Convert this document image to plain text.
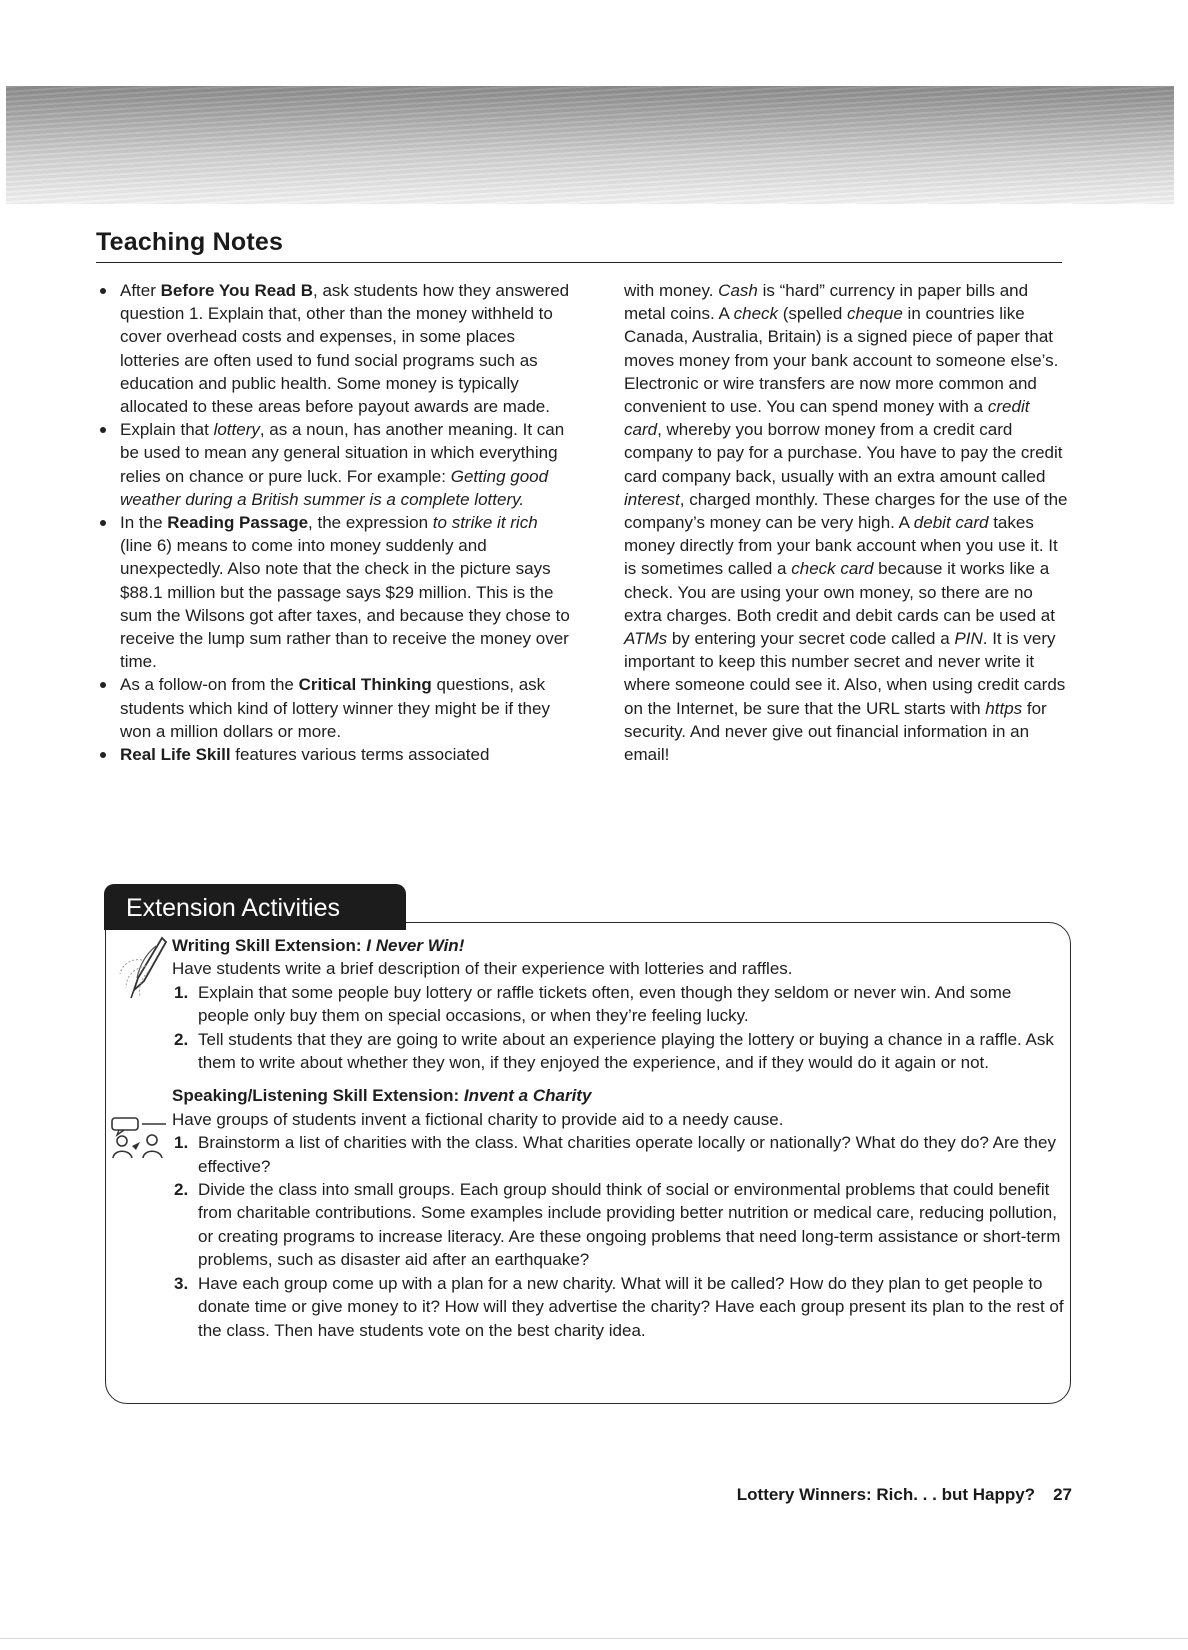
Teaching Notes
After Before You Read B, ask students how they answered question 1. Explain that, other than the money withheld to cover overhead costs and expenses, in some places lotteries are often used to fund social programs such as education and public health. Some money is typically allocated to these areas before payout awards are made.
Explain that lottery, as a noun, has another meaning. It can be used to mean any general situation in which everything relies on chance or pure luck. For example: Getting good weather during a British summer is a complete lottery.
In the Reading Passage, the expression to strike it rich (line 6) means to come into money suddenly and unexpectedly. Also note that the check in the picture says $88.1 million but the passage says $29 million. This is the sum the Wilsons got after taxes, and because they chose to receive the lump sum rather than to receive the money over time.
As a follow-on from the Critical Thinking questions, ask students which kind of lottery winner they might be if they won a million dollars or more.
Real Life Skill features various terms associated

with money. Cash is “hard” currency in paper bills and metal coins. A check (spelled cheque in countries like Canada, Australia, Britain) is a signed piece of paper that moves money from your bank account to someone else’s. Electronic or wire transfers are now more common and convenient to use. You can spend money with a credit card, whereby you borrow money from a credit card company to pay for a purchase. You have to pay the credit card company back, usually with an extra amount called interest, charged monthly. These charges for the use of the company’s money can be very high. A debit card takes money directly from your bank account when you use it. It is sometimes called a check card because it works like a check. You are using your own money, so there are no extra charges. Both credit and debit cards can be used at ATMs by entering your secret code called a PIN. It is very important to keep this number secret and never write it where someone could see it. Also, when using credit cards on the Internet, be sure that the URL starts with https for security. And never give out financial information in an email!

Extension Activities
Writing Skill Extension: I Never Win!

Have students write a brief description of their experience with lotteries and raffles.

1. Explain that some people buy lottery or raffle tickets often, even though they seldom or never win. And some people only buy them on special occasions, or when they’re feeling lucky.
2. Tell students that they are going to write about an experience playing the lottery or buying a chance in a raffle. Ask them to write about whether they won, if they enjoyed the experience, and if they would do it again or not.
Speaking/Listening Skill Extension: Invent a Charity

Have groups of students invent a fictional charity to provide aid to a needy cause.

1. Brainstorm a list of charities with the class. What charities operate locally or nationally? What do they do? Are they effective?
2. Divide the class into small groups. Each group should think of social or environmental problems that could benefit from charitable contributions. Some examples include providing better nutrition or medical care, reducing pollution, or creating programs to increase literacy. Are these ongoing problems that need long-term assistance or short-term problems, such as disaster aid after an earthquake?
3. Have each group come up with a plan for a new charity. What will it be called? How do they plan to get people to donate time or give money to it? How will they advertise the charity? Have each group present its plan to the rest of the class. Then have students vote on the best charity idea.
Lottery Winners: Rich. . . but Happy? 27
